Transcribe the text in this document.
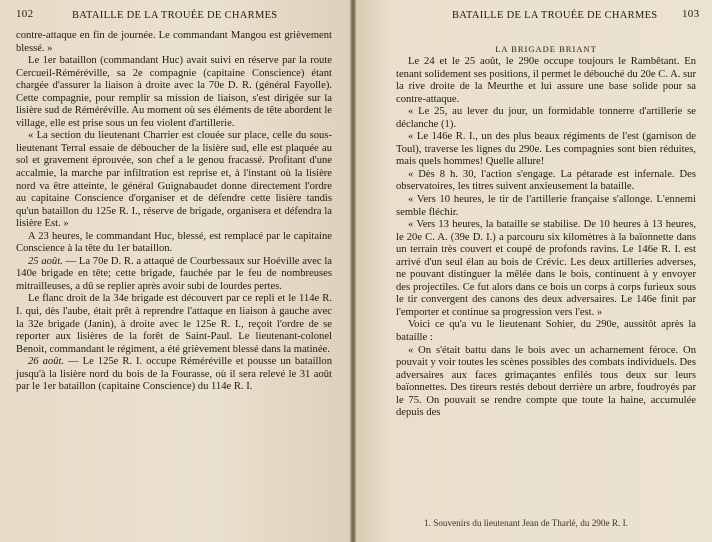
102	BATAILLE DE LA TROUÉE DE CHARMES

contre-attaque en fin de journée. Le commandant Mangou est grièvement blessé. »

Le 1er bataillon (commandant Huc) avait suivi en réserve par la route Cercueil-Réméréville, sa 2e compagnie (capitaine Conscience) étant chargée d'assurer la liaison à droite avec la 70e D. R. (général Fayolle). Cette compagnie, pour remplir sa mission de liaison, s'est dirigée sur la lisière sud de Réméréville. Au moment où ses éléments de tête abordent le village, elle est prise sous un feu violent d'artillerie.

« La section du lieutenant Charrier est clouée sur place, celle du sous-lieutenant Terral essaie de déboucher de la lisière sud, elle est plaquée au sol et gravement éprouvée, son chef a le genou fracassé. Profitant d'une accalmie, la marche par infiltration est reprise et, à l'instant où la lisière nord va être atteinte, le général Guignabaudet donne directement l'ordre au capitaine Conscience d'organiser et de défendre cette lisière tandis qu'un bataillon du 125e R. I., réserve de brigade, organisera et défendra la lisière Est. »

A 23 heures, le commandant Huc, blessé, est remplacé par le capitaine Conscience à la tête du 1er bataillon.

25 août. — La 70e D. R. a attaqué de Courbessaux sur Hoéville avec la 140e brigade en tête; cette brigade, fauchée par le feu de nombreuses mitrailleuses, a dû se replier après avoir subi de lourdes pertes.

Le flanc droit de la 34e brigade est découvert par ce repli et le 114e R. I. qui, dès l'aube, était prêt à reprendre l'attaque en liaison à gauche avec la 32e brigade (Janin), à droite avec le 125e R. I., reçoit l'ordre de se reporter aux lisières de la forêt de Saint-Paul. Le lieutenant-colonel Benoit, commandant le régiment, a été grièvement blessé dans la matinée.

26 août. — Le 125e R. I. occupe Réméréville et pousse un bataillon jusqu'à la lisière nord du bois de la Fourasse, où il sera relevé le 31 août par le 1er bataillon (capitaine Conscience) du 114e R. I.

BATAILLE DE LA TROUÉE DE CHARMES 103
LA BRIGADE BRIANT

Le 24 et le 25 août, le 290e occupe toujours le Rambêtant. En tenant solidement ses positions, il permet le débouché du 20e C. A. sur la rive droite de la Meurthe et lui assure une base solide pour sa contre-attaque.

« Le 25, au lever du jour, un formidable tonnerre d'artillerie se déclanche (1).

« Le 146e R. I., un des plus beaux régiments de l'est (garnison de Toul), traverse les lignes du 290e. Les compagnies sont bien réduites, mais quels hommes! Quelle allure!

« Dès 8 h. 30, l'action s'engage. La pétarade est infernale. Des observatoires, les titres suivent anxieusement la bataille.

« Vers 10 heures, le tir de l'artillerie française s'allonge. L'ennemi semble fléchir.

« Vers 13 heures, la bataille se stabilise. De 10 heures à 13 heures, le 20e C. A. (39e D. I.) a parcouru six kilomètres à la baïonnette dans un terrain très couvert et coupé de profonds ravins. Le 146e R. I. est arrivé d'un seul élan au bois de Crévic. Les deux artilleries adverses, ne pouvant distinguer la mêlée dans le bois, continuent à y envoyer des projectiles. Ce fut alors dans ce bois un corps à corps furieux sous le tir convergent des canons des deux adversaires. Le 146e finit par l'emporter et continue sa progression vers l'est. »

Voici ce qu'a vu le lieutenant Sohier, du 290e, aussitôt après la bataille :

« On s'était battu dans le bois avec un acharnement féroce. On pouvait y voir toutes les scènes possibles des combats individuels. Des adversaires aux faces grimaçantes enfilés tous deux sur leurs baïonnettes. Des tireurs restés debout derrière un arbre, foudroyés par le 75. On pouvait se rendre compte que toute la haine, accumulée depuis des

1. Souvenirs du lieutenant Jean de Tharlé, du 290e R. I.
